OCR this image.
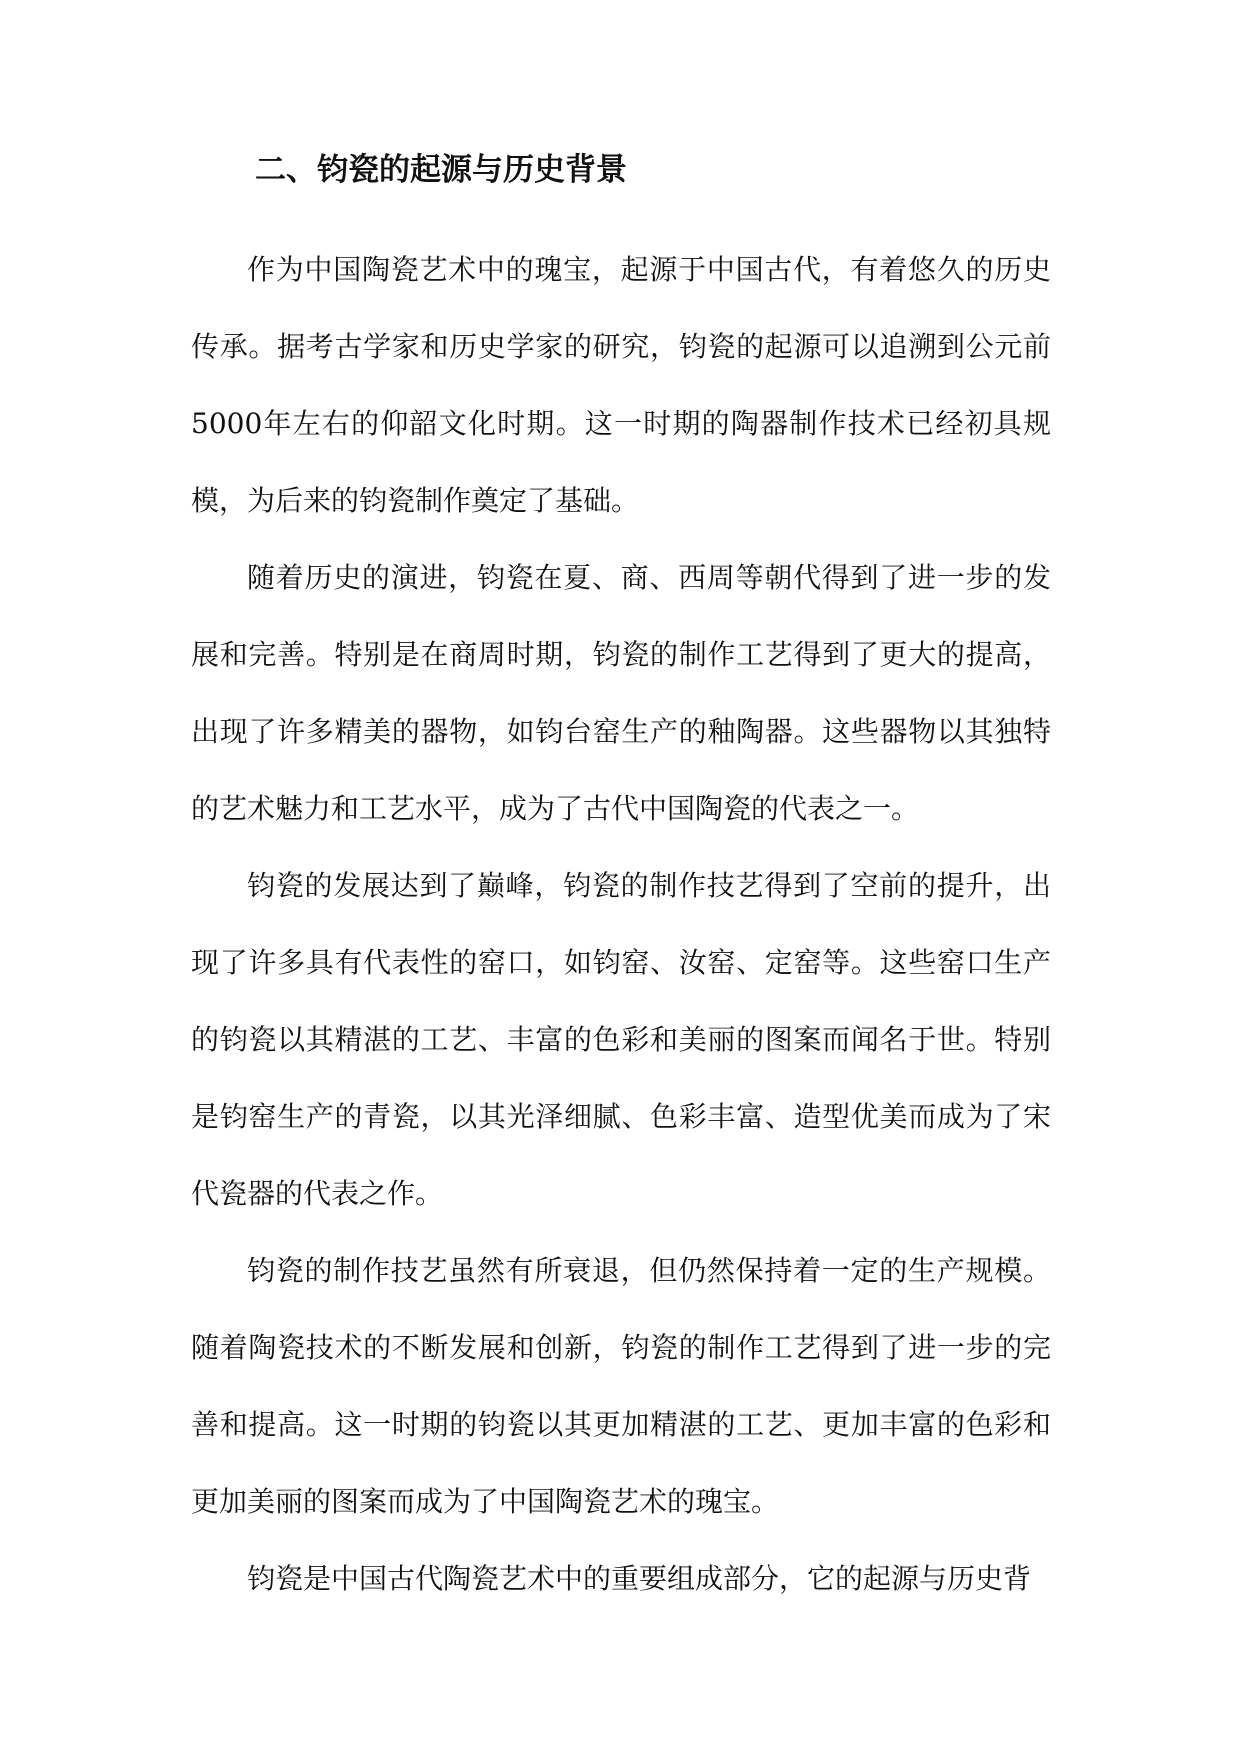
二、钧瓷的起源与历史背景

作为中国陶瓷艺术中的瑰宝，起源于中国古代，有着悠久的历史传承。据考古学家和历史学家的研究，钧瓷的起源可以追溯到公元前5000年左右的仰韶文化时期。这一时期的陶器制作技术已经初具规模，为后来的钧瓷制作奠定了基础。

随着历史的演进，钧瓷在夏、商、西周等朝代得到了进一步的发展和完善。特别是在商周时期，钧瓷的制作工艺得到了更大的提高，出现了许多精美的器物，如钧台窑生产的釉陶器。这些器物以其独特的艺术魅力和工艺水平，成为了古代中国陶瓷的代表之一。

钧瓷的发展达到了巅峰，钧瓷的制作技艺得到了空前的提升，出现了许多具有代表性的窑口，如钧窑、汝窑、定窑等。这些窑口生产的钧瓷以其精湛的工艺、丰富的色彩和美丽的图案而闻名于世。特别是钧窑生产的青瓷，以其光泽细腻、色彩丰富、造型优美而成为了宋代瓷器的代表之作。

钧瓷的制作技艺虽然有所衰退，但仍然保持着一定的生产规模。随着陶瓷技术的不断发展和创新，钧瓷的制作工艺得到了进一步的完善和提高。这一时期的钧瓷以其更加精湛的工艺、更加丰富的色彩和更加美丽的图案而成为了中国陶瓷艺术的瑰宝。

钧瓷是中国古代陶瓷艺术中的重要组成部分，它的起源与历史背
